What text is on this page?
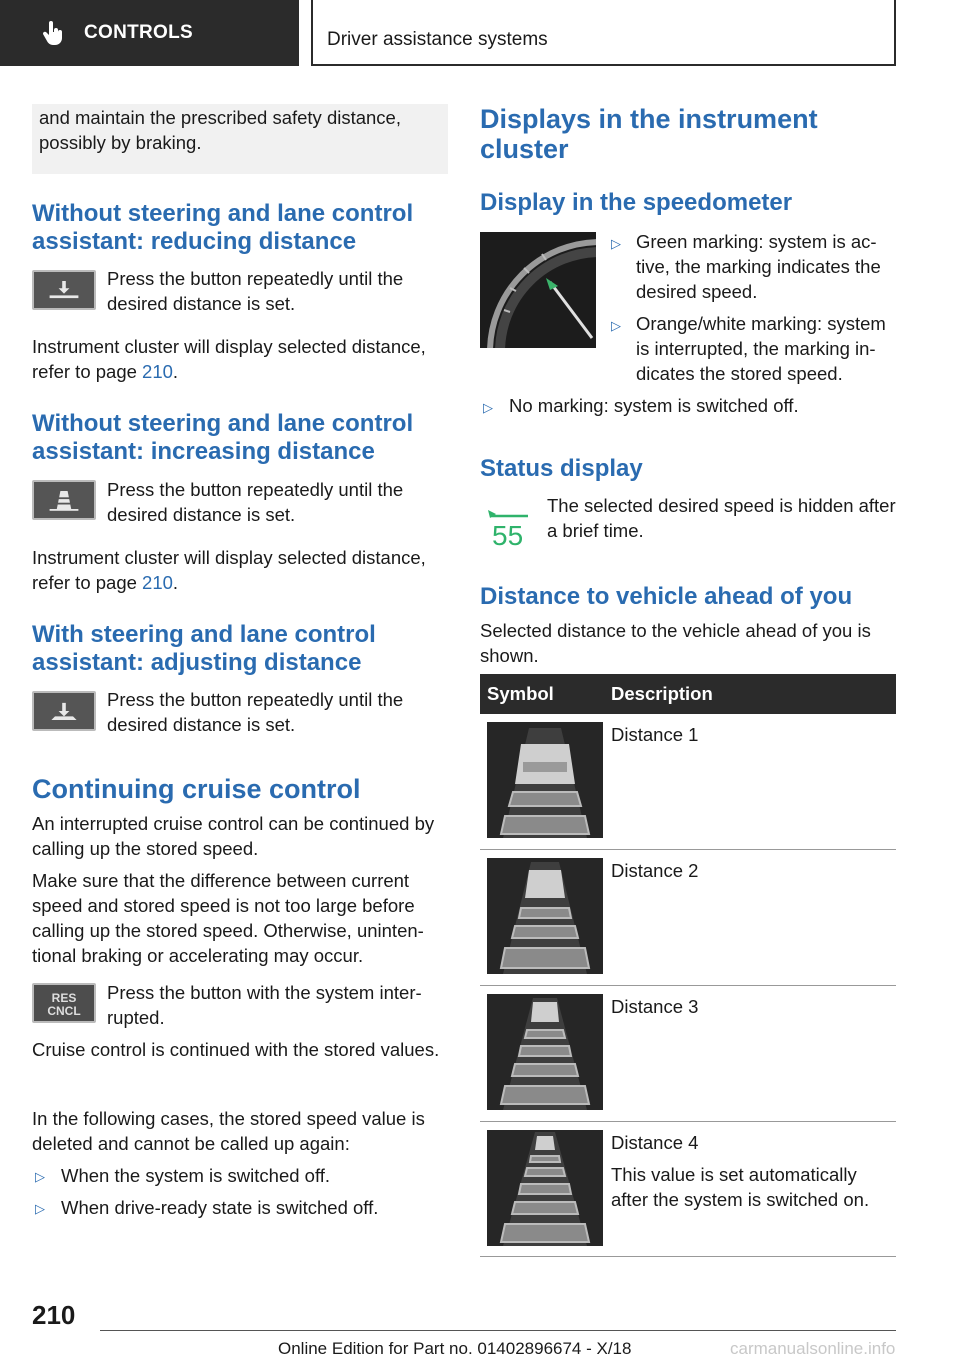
CONTROLS	Driver assistance systems

and maintain the prescribed safety distance, possibly by braking.

Without steering and lane control assistant: reducing distance

Press the button repeatedly until the desired distance is set.

Instrument cluster will display selected distance, refer to page 210.

Without steering and lane control assistant: increasing distance

Press the button repeatedly until the desired distance is set.

Instrument cluster will display selected distance, refer to page 210.

With steering and lane control assistant: adjusting distance

Press the button repeatedly until the desired distance is set.

Continuing cruise control

An interrupted cruise control can be continued by calling up the stored speed.

Make sure that the difference between current speed and stored speed is not too large before calling up the stored speed. Otherwise, unintentional braking or accelerating may occur.

RES
CNCL

Press the button with the system interrupted.

Cruise control is continued with the stored values.

In the following cases, the stored speed value is deleted and cannot be called up again:

▷ When the system is switched off.

▷ When drive-ready state is switched off.

Displays in the instrument cluster
Display in the speedometer
▷ Green marking: system is active, the marking indicates the desired speed.

▷ Orange/white marking: system is interrupted, the marking indicates the stored speed.

▷ No marking: system is switched off.

Status display
55

The selected desired speed is hidden after a brief time.

Distance to vehicle ahead of you

Selected distance to the vehicle ahead of you is shown.

Symbol	Description

Distance 1

Distance 2

Distance 3

Distance 4

This value is set automatically after the system is switched on.

210
Online Edition for Part no. 01402896674 - X/18	carmanualsonline.info
